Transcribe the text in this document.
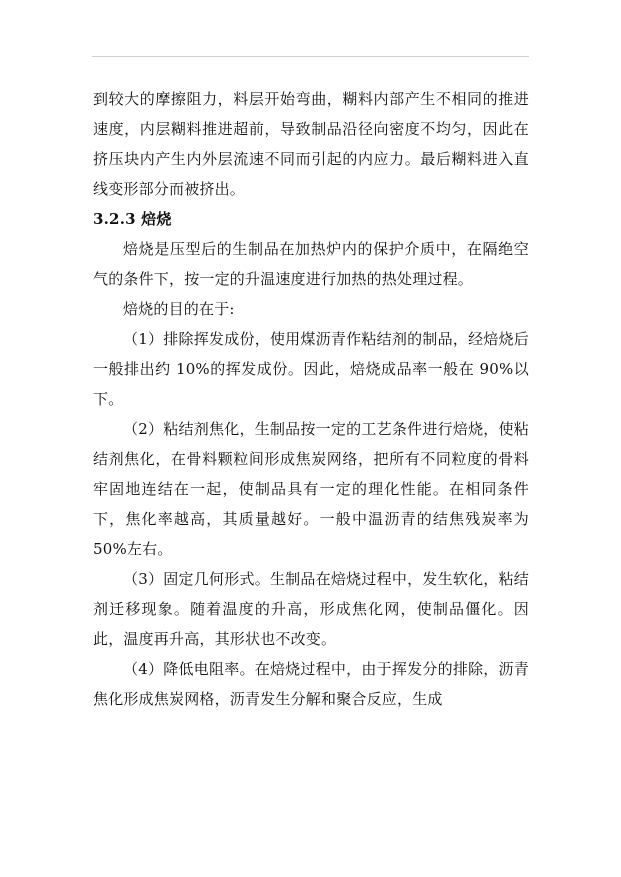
到较大的摩擦阻力，料层开始弯曲，糊料内部产生不相同的推进速度，内层糊料推进超前，导致制品沿径向密度不均匀，因此在挤压块内产生内外层流速不同而引起的内应力。最后糊料进入直线变形部分而被挤出。

3.2.3 焙烧

焙烧是压型后的生制品在加热炉内的保护介质中，在隔绝空气的条件下，按一定的升温速度进行加热的热处理过程。

焙烧的目的在于:

（1）排除挥发成份，使用煤沥青作粘结剂的制品，经焙烧后一般排出约 10%的挥发成份。因此，焙烧成品率一般在 90%以下。

（2）粘结剂焦化，生制品按一定的工艺条件进行焙烧，使粘结剂焦化，在骨料颗粒间形成焦炭网络，把所有不同粒度的骨料牢固地连结在一起，使制品具有一定的理化性能。在相同条件下，焦化率越高，其质量越好。一般中温沥青的结焦残炭率为 50%左右。

（3）固定几何形式。生制品在焙烧过程中，发生软化，粘结剂迁移现象。随着温度的升高，形成焦化网，使制品僵化。因此，温度再升高，其形状也不改变。

（4）降低电阻率。在焙烧过程中，由于挥发分的排除，沥青焦化形成焦炭网格，沥青发生分解和聚合反应，生成
